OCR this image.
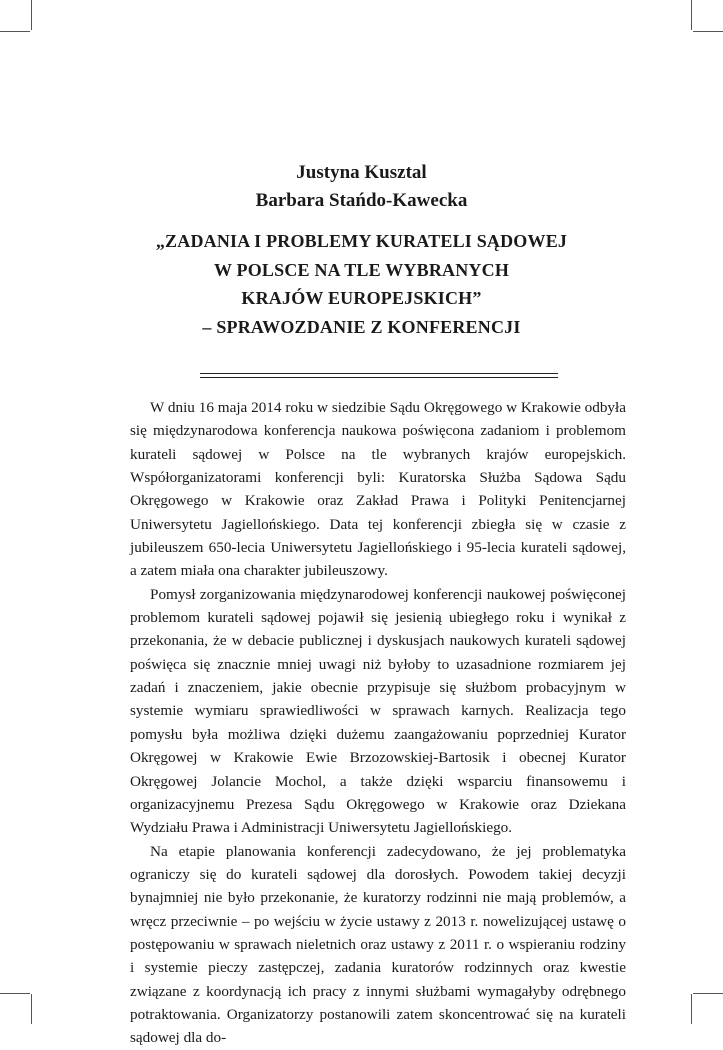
Justyna Kusztal
Barbara Stańdo-Kawecka
„ZADANIA I PROBLEMY KURATELI SĄDOWEJ
W POLSCE NA TLE WYBRANYCH
KRAJÓW EUROPEJSKICH”
– SPRAWOZDANIE Z KONFERENCJI

W dniu 16 maja 2014 roku w siedzibie Sądu Okręgowego w Krakowie odbyła się międzynarodowa konferencja naukowa poświęcona zadaniom i problemom kurateli sądowej w Polsce na tle wybranych krajów europejskich. Współorganizatorami konferencji byli: Kuratorska Służba Sądowa Sądu Okręgowego w Krakowie oraz Zakład Prawa i Polityki Penitencjarnej Uniwersytetu Jagiellońskiego. Data tej konferencji zbiegła się w czasie z jubileuszem 650-lecia Uniwersytetu Jagiellońskiego i 95-lecia kurateli sądowej, a zatem miała ona charakter jubileuszowy.

Pomysł zorganizowania międzynarodowej konferencji naukowej poświęconej problemom kurateli sądowej pojawił się jesienią ubiegłego roku i wynikał z przekonania, że w debacie publicznej i dyskusjach naukowych kurateli sądowej poświęca się znacznie mniej uwagi niż byłoby to uzasadnione rozmiarem jej zadań i znaczeniem, jakie obecnie przypisuje się służbom probacyjnym w systemie wymiaru sprawiedliwości w sprawach karnych. Realizacja tego pomysłu była możliwa dzięki dużemu zaangażowaniu poprzedniej Kurator Okręgowej w Krakowie Ewie Brzozowskiej-Bartosik i obecnej Kurator Okręgowej Jolancie Mochol, a także dzięki wsparciu finansowemu i organizacyjnemu Prezesa Sądu Okręgowego w Krakowie oraz Dziekana Wydziału Prawa i Administracji Uniwersytetu Jagiellońskiego.

Na etapie planowania konferencji zadecydowano, że jej problematyka ograniczy się do kurateli sądowej dla dorosłych. Powodem takiej decyzji bynajmniej nie było przekonanie, że kuratorzy rodzinni nie mają problemów, a wręcz przeciwnie – po wejściu w życie ustawy z 2013 r. nowelizującej ustawę o postępowaniu w sprawach nieletnich oraz ustawy z 2011 r. o wspieraniu rodziny i systemie pieczy zastępczej, zadania kuratorów rodzinnych oraz kwestie związane z koordynacją ich pracy z innymi służbami wymagałyby odrębnego potraktowania. Organizatorzy postanowili zatem skoncentrować się na kurateli sądowej dla do-
